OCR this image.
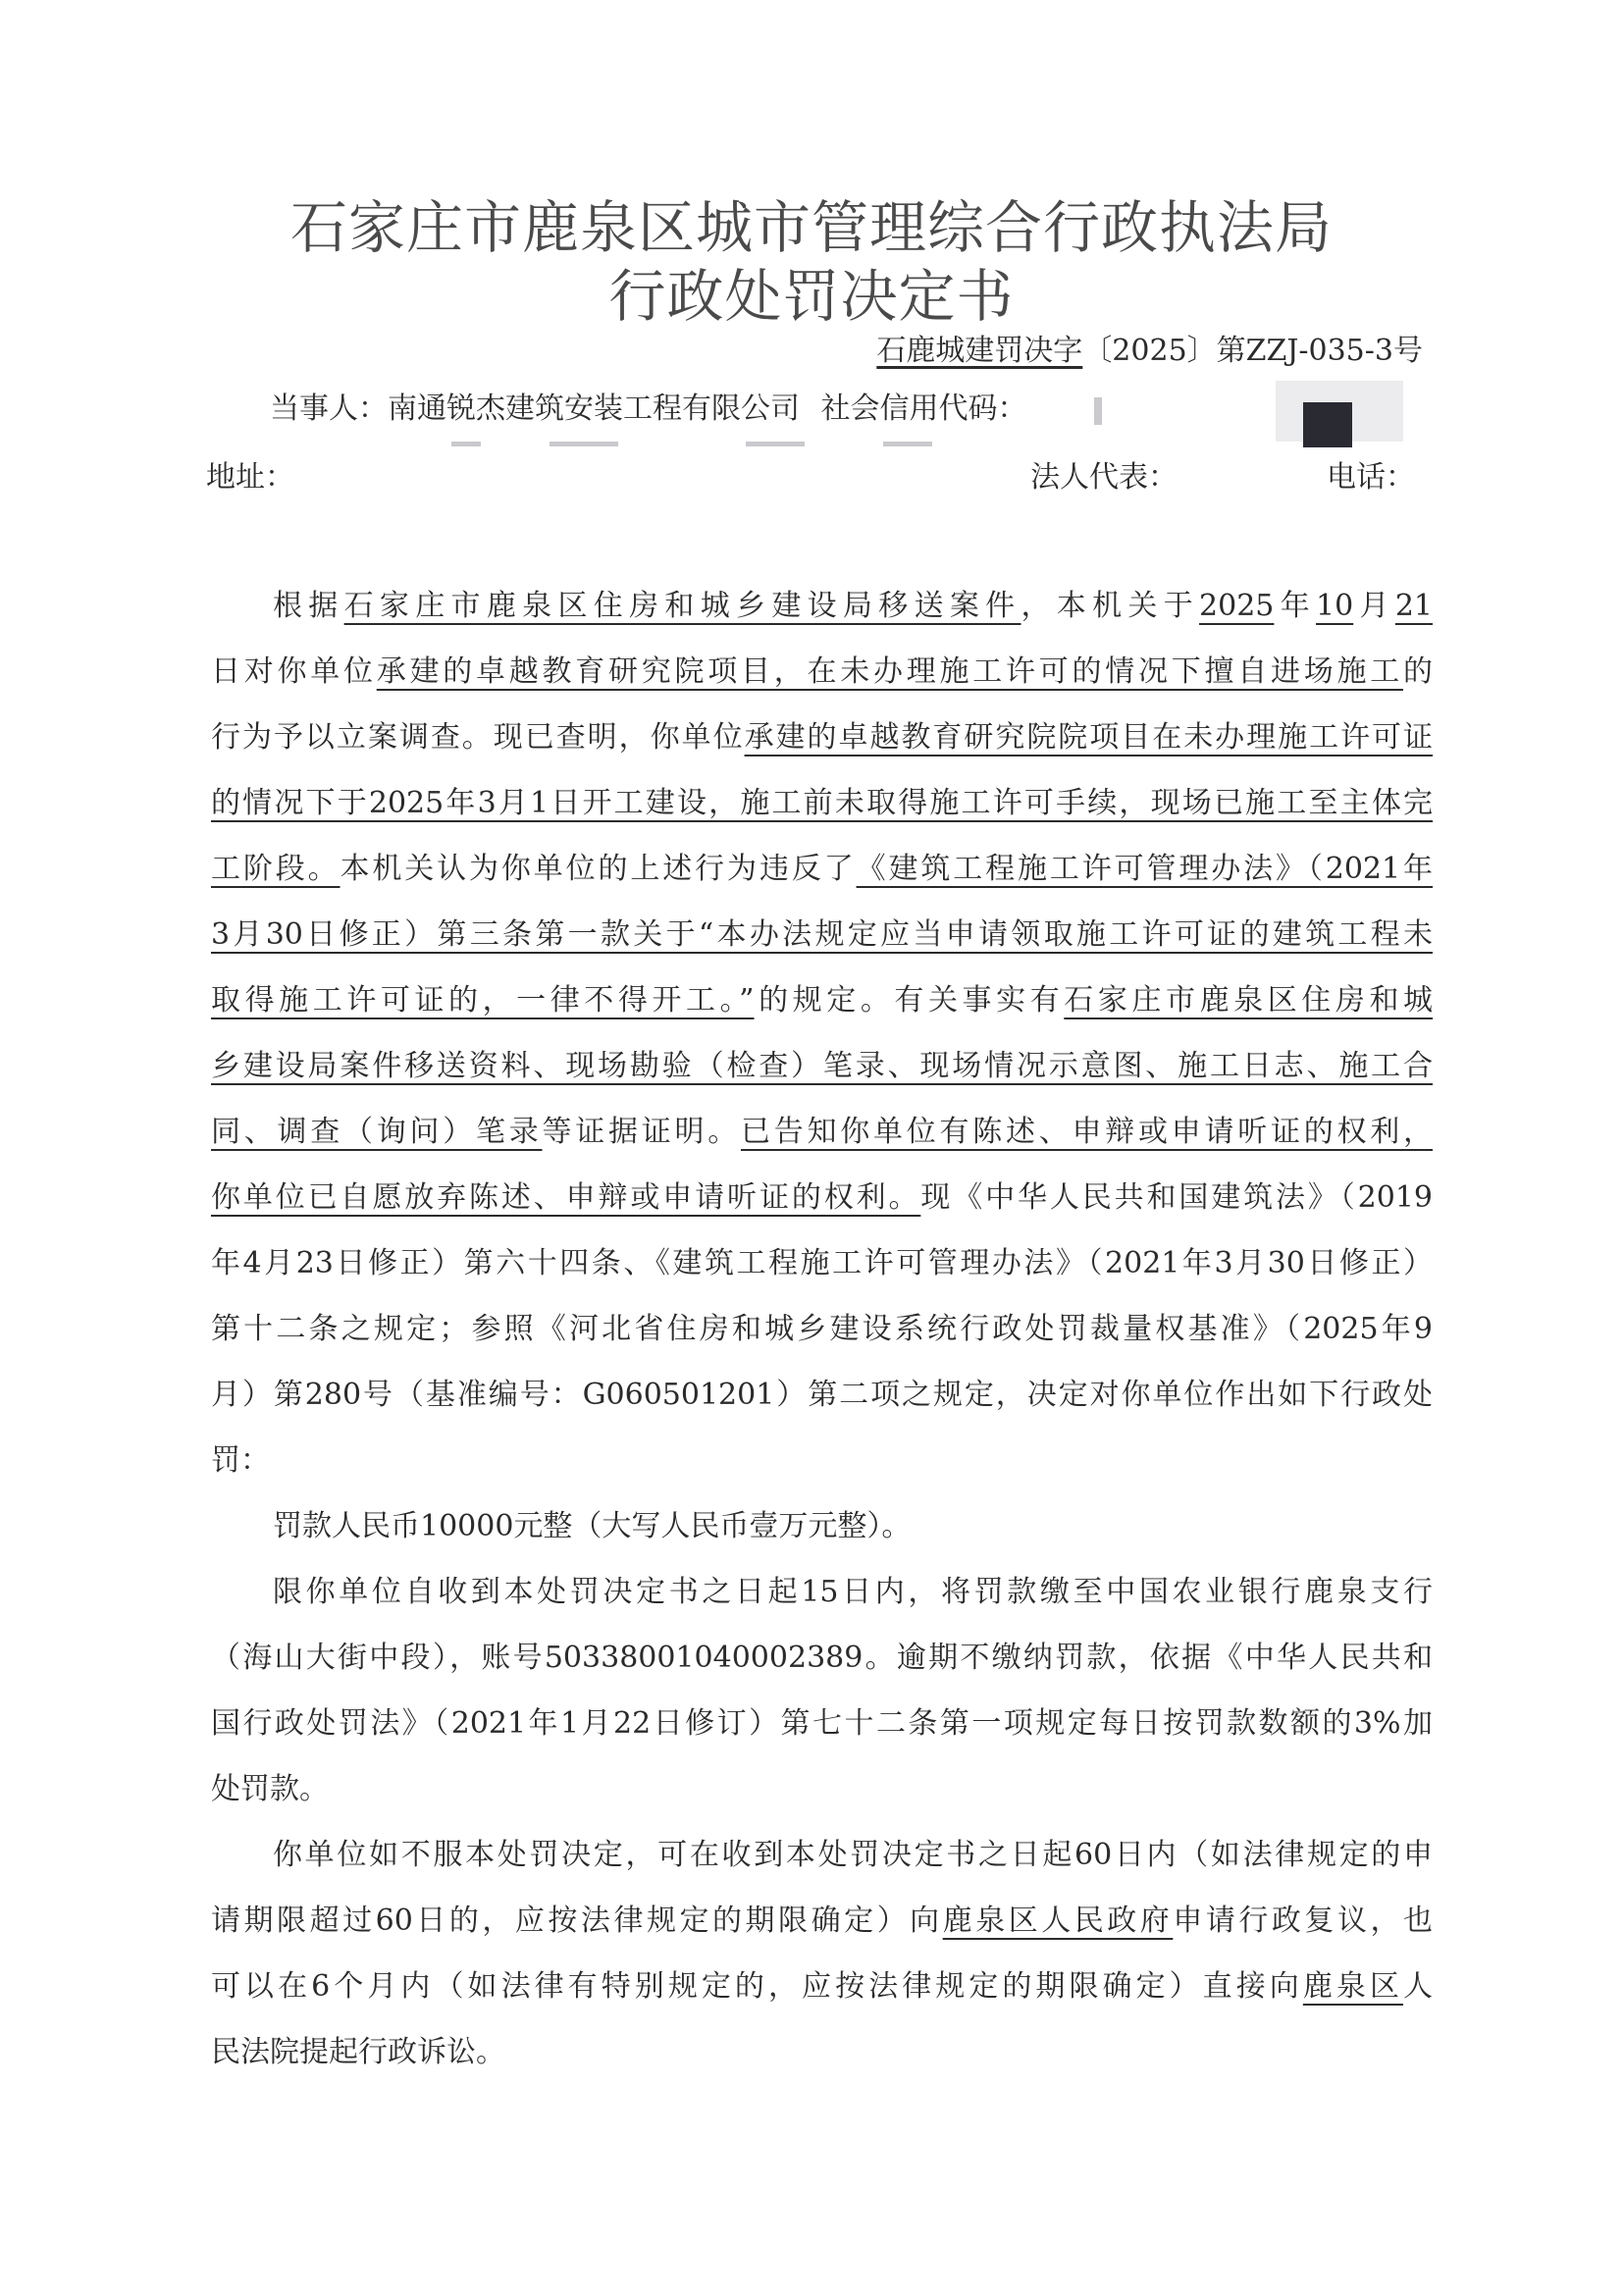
石家庄市鹿泉区城市管理综合行政执法局
行政处罚决定书
石鹿城建罚决字〔2025〕第ZZJ-035-3号
当事人：南通锐杰建筑安装工程有限公司 社会信用代码：
地址：	法人代表：	电话：
根据石家庄市鹿泉区住房和城乡建设局移送案件，本机关于2025年10月21
日对你单位承建的卓越教育研究院项目，在未办理施工许可的情况下擅自进场施工的
行为予以立案调查。现已查明，你单位承建的卓越教育研究院院项目在未办理施工许可证
的情况下于2025年3月1日开工建设，施工前未取得施工许可手续，现场已施工至主体完
工阶段。本机关认为你单位的上述行为违反了《建筑工程施工许可管理办法》（2021年
3月30日修正）第三条第一款关于“本办法规定应当申请领取施工许可证的建筑工程未
取得施工许可证的，一律不得开工。”的规定。有关事实有石家庄市鹿泉区住房和城
乡建设局案件移送资料、现场勘验（检查）笔录、现场情况示意图、施工日志、施工合
同、调查（询问）笔录等证据证明。已告知你单位有陈述、申辩或申请听证的权利，
你单位已自愿放弃陈述、申辩或申请听证的权利。现《中华人民共和国建筑法》（2019
年4月23日修正）第六十四条、《建筑工程施工许可管理办法》（2021年3月30日修正）
第十二条之规定；参照《河北省住房和城乡建设系统行政处罚裁量权基准》（2025年9
月）第280号（基准编号：G060501201）第二项之规定，决定对你单位作出如下行政处
罚：
罚款人民币10000元整（大写人民币壹万元整）。
限你单位自收到本处罚决定书之日起15日内，将罚款缴至中国农业银行鹿泉支行
（海山大街中段），账号50338001040002389。逾期不缴纳罚款，依据《中华人民共和
国行政处罚法》（2021年1月22日修订）第七十二条第一项规定每日按罚款数额的3%加
处罚款。
你单位如不服本处罚决定，可在收到本处罚决定书之日起60日内（如法律规定的申
请期限超过60日的，应按法律规定的期限确定）向鹿泉区人民政府申请行政复议，也
可以在6个月内（如法律有特别规定的，应按法律规定的期限确定）直接向鹿泉区人
民法院提起行政诉讼。
